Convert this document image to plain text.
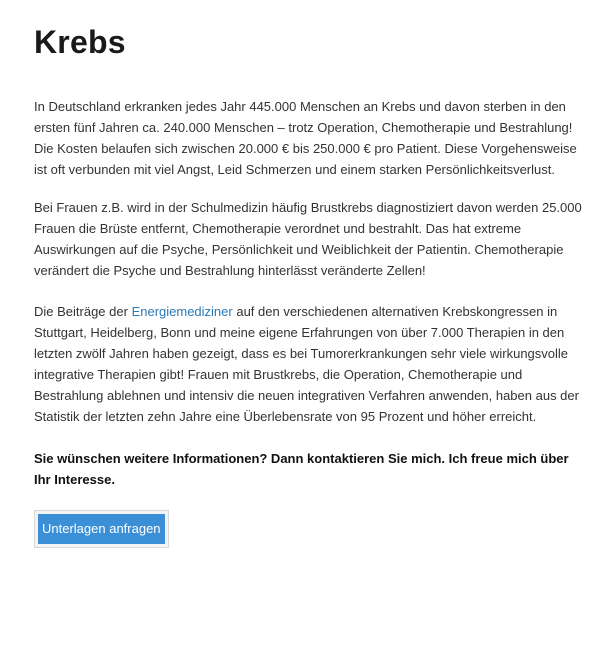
Krebs

In Deutschland erkranken jedes Jahr 445.000 Menschen an Krebs und davon sterben in den ersten fünf Jahren ca. 240.000 Menschen – trotz Operation, Chemotherapie und Bestrahlung! Die Kosten belaufen sich zwischen 20.000 € bis 250.000 € pro Patient. Diese Vorgehensweise ist oft verbunden mit viel Angst, Leid Schmerzen und einem starken Persönlichkeitsverlust.

Bei Frauen z.B. wird in der Schulmedizin häufig Brustkrebs diagnostiziert davon werden 25.000 Frauen die Brüste entfernt, Chemotherapie verordnet und bestrahlt. Das hat extreme Auswirkungen auf die Psyche, Persönlichkeit und Weiblichkeit der Patientin. Chemotherapie verändert die Psyche und Bestrahlung hinterlässt veränderte Zellen!

Die Beiträge der Energiemediziner auf den verschiedenen alternativen Krebskongressen in Stuttgart, Heidelberg, Bonn und meine eigene Erfahrungen von über 7.000 Therapien in den letzten zwölf Jahren haben gezeigt, dass es bei Tumorerkrankungen sehr viele wirkungsvolle integrative Therapien gibt! Frauen mit Brustkrebs, die Operation, Chemotherapie und Bestrahlung ablehnen und intensiv die neuen integrativen Verfahren anwenden, haben aus der Statistik der letzten zehn Jahre eine Überlebensrate von 95 Prozent und höher erreicht.

Sie wünschen weitere Informationen? Dann kontaktieren Sie mich. Ich freue mich über Ihr Interesse.

Unterlagen anfragen
